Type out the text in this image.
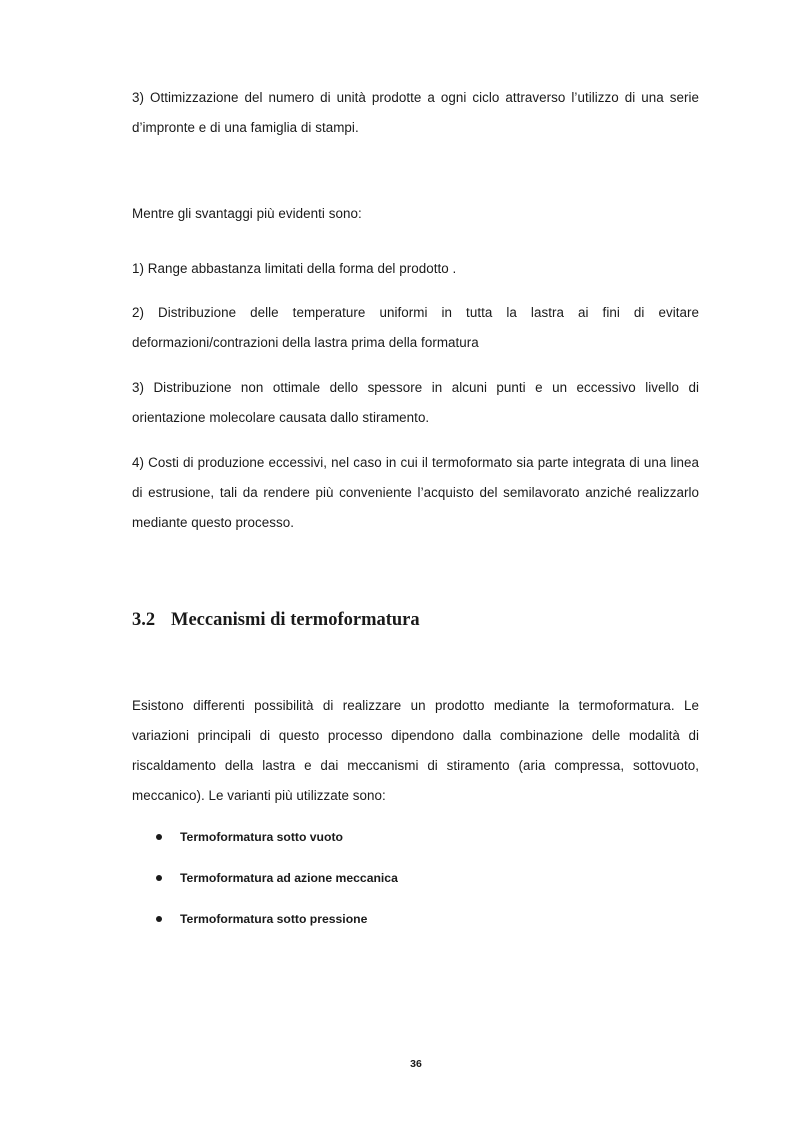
3) Ottimizzazione del numero di unità prodotte a ogni ciclo attraverso l’utilizzo di una serie d’impronte e di una famiglia di stampi.

Mentre gli svantaggi più evidenti sono:

1) Range abbastanza limitati della forma del prodotto .

2) Distribuzione delle temperature uniformi in tutta la lastra ai fini di evitare deformazioni/contrazioni della lastra prima della formatura

3) Distribuzione non ottimale dello spessore in alcuni punti e un eccessivo livello di orientazione molecolare causata dallo stiramento.

4) Costi di produzione eccessivi, nel caso in cui il termoformato sia parte integrata di una linea di estrusione, tali da rendere più conveniente l’acquisto del semilavorato anziché realizzarlo mediante questo processo.

3.2 Meccanismi di termoformatura

Esistono differenti possibilità di realizzare un prodotto mediante la termoformatura. Le variazioni principali di questo processo dipendono dalla combinazione delle modalità di riscaldamento della lastra e dai meccanismi di stiramento (aria compressa, sottovuoto, meccanico). Le varianti più utilizzate sono:

Termoformatura sotto vuoto
Termoformatura ad azione meccanica
Termoformatura sotto pressione
36
